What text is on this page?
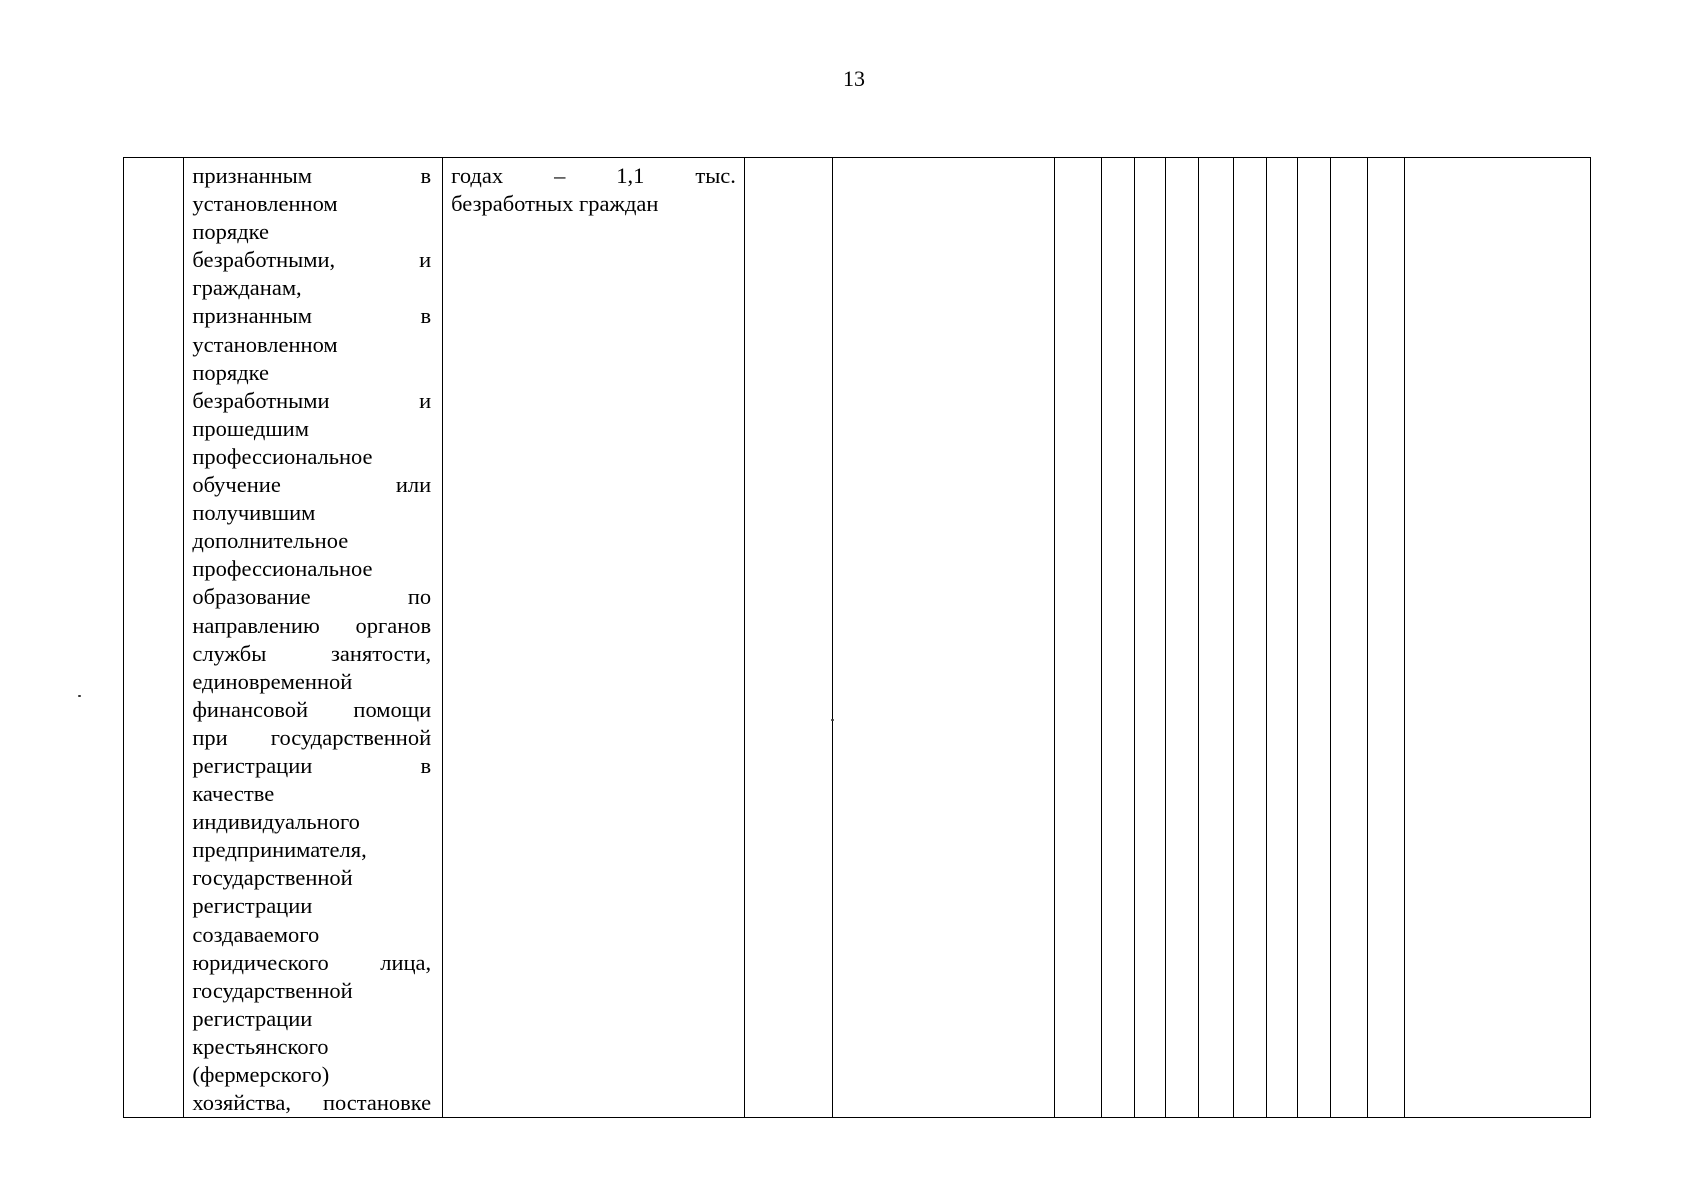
13

признанным в
установленном
порядке
безработными, и
гражданам,
признанным в
установленном
порядке
безработными и
прошедшим
профессиональное
обучение или
получившим
дополнительное
профессиональное
образование по
направлению органов
службы занятости,
единовременной
финансовой помощи
при государственной
регистрации в
качестве
индивидуального
предпринимателя,
государственной
регистрации
создаваемого
юридического лица,
государственной
регистрации
крестьянского
(фермерского)
хозяйства, постановке

годах – 1,1 тыс.
безработных граждан
